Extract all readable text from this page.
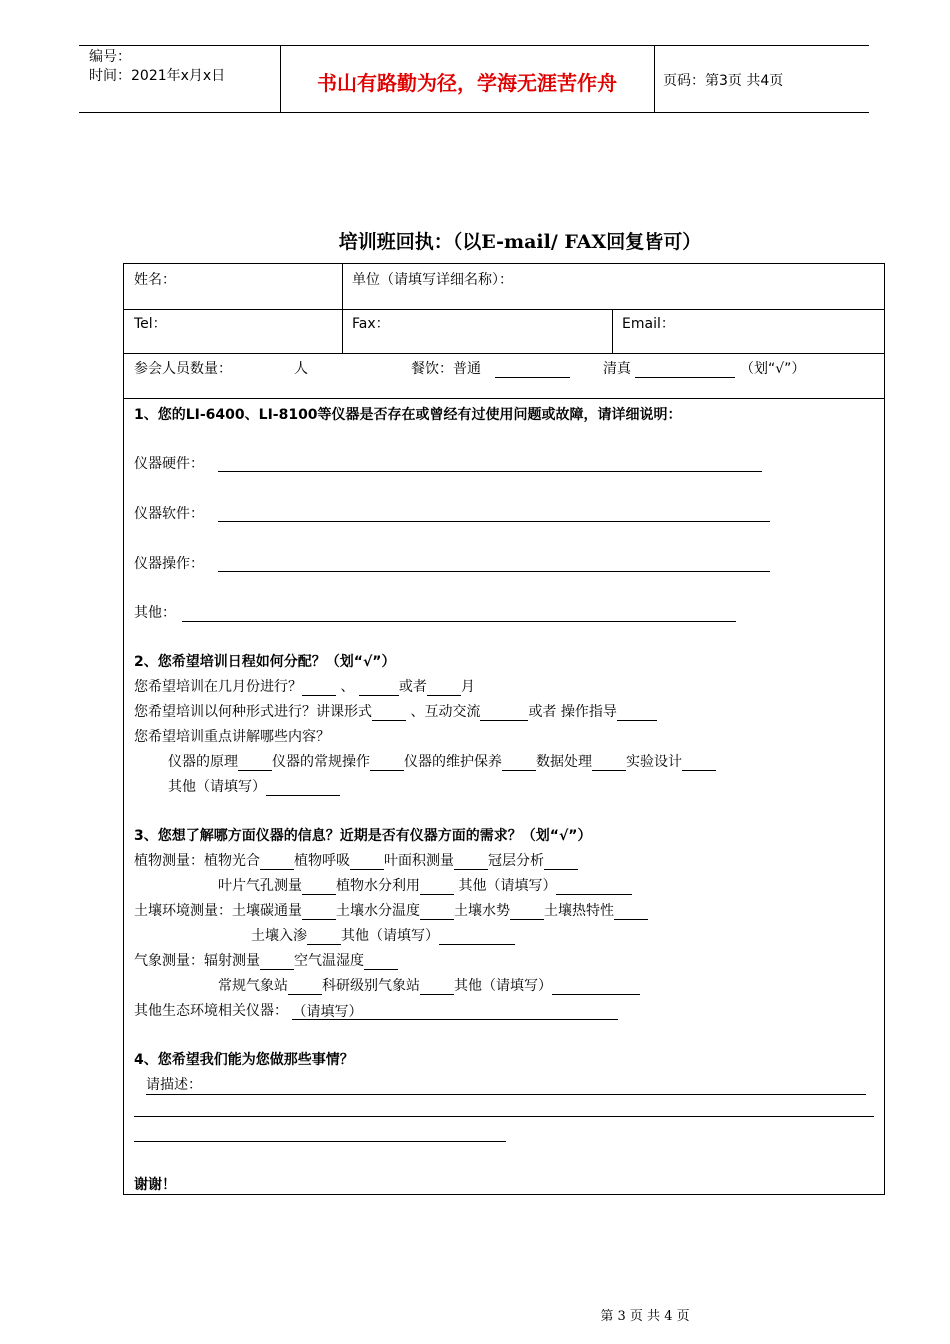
编号：
时间：2021年x月x日	书山有路勤为径，学海无涯苦作舟	页码：第3页 共4页
培训班回执：（以E-mail/ FAX回复皆可）
姓名：	单位（请填写详细名称）：
Tel：	Fax：	Email：
参会人员数量：	人	餐饮：普通	清真	（划“√”）
1、您的LI-6400、LI-8100等仪器是否存在或曾经有过使用问题或故障，请详细说明：
仪器硬件：
仪器软件：
仪器操作：
其他：
2、您希望培训日程如何分配？（划“√”）
您希望培训在几月份进行？	、	或者 月
您希望培训以何种形式进行？讲课形式	、互动交流	或者 操作指导
您希望培训重点讲解哪些内容？
仪器的原理 仪器的常规操作 仪器的维护保养 数据处理 实验设计
其他（请填写）
3、您想了解哪方面仪器的信息？近期是否有仪器方面的需求？（划“√”）
植物测量：植物光合 植物呼吸 叶面积测量 冠层分析
叶片气孔测量 植物水分利用	其他（请填写）
土壤环境测量：土壤碳通量 土壤水分温度 土壤水势 土壤热特性
土壤入渗 其他（请填写）
气象测量：辐射测量 空气温湿度
常规气象站 科研级别气象站 其他（请填写）
其他生态环境相关仪器： （请填写）
4、您希望我们能为您做那些事情？
请描述：
谢谢！
第 3 页 共 4 页
